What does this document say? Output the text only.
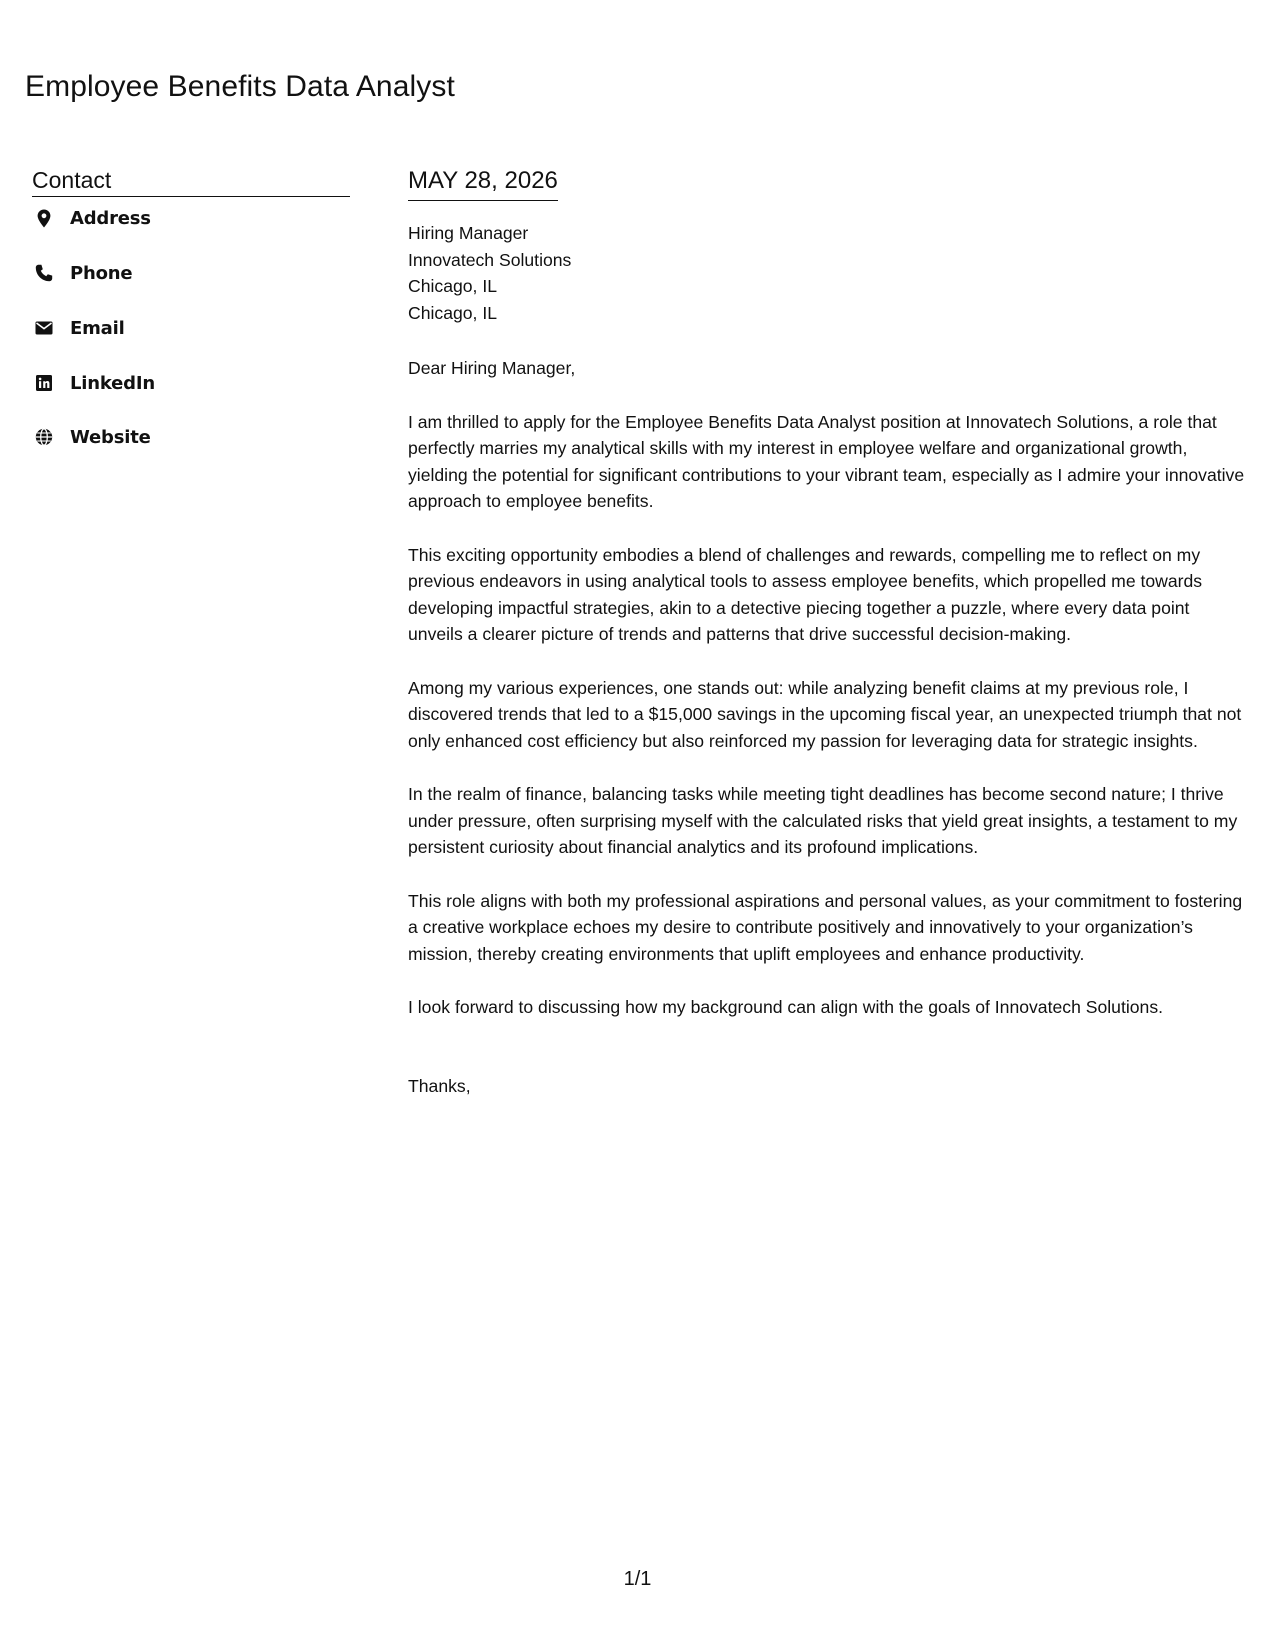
Employee Benefits Data Analyst
Contact
Address
Phone
Email
LinkedIn
Website
MAY 28, 2026
Hiring Manager
Innovatech Solutions
Chicago, IL
Chicago, IL
Dear Hiring Manager,

I am thrilled to apply for the Employee Benefits Data Analyst position at Innovatech Solutions, a role that perfectly marries my analytical skills with my interest in employee welfare and organizational growth, yielding the potential for significant contributions to your vibrant team, especially as I admire your innovative approach to employee benefits.

This exciting opportunity embodies a blend of challenges and rewards, compelling me to reflect on my previous endeavors in using analytical tools to assess employee benefits, which propelled me towards developing impactful strategies, akin to a detective piecing together a puzzle, where every data point unveils a clearer picture of trends and patterns that drive successful decision-making.

Among my various experiences, one stands out: while analyzing benefit claims at my previous role, I discovered trends that led to a $15,000 savings in the upcoming fiscal year, an unexpected triumph that not only enhanced cost efficiency but also reinforced my passion for leveraging data for strategic insights.

In the realm of finance, balancing tasks while meeting tight deadlines has become second nature; I thrive under pressure, often surprising myself with the calculated risks that yield great insights, a testament to my persistent curiosity about financial analytics and its profound implications.

This role aligns with both my professional aspirations and personal values, as your commitment to fostering a creative workplace echoes my desire to contribute positively and innovatively to your organization’s mission, thereby creating environments that uplift employees and enhance productivity.

I look forward to discussing how my background can align with the goals of Innovatech Solutions.

Thanks,
1/1
